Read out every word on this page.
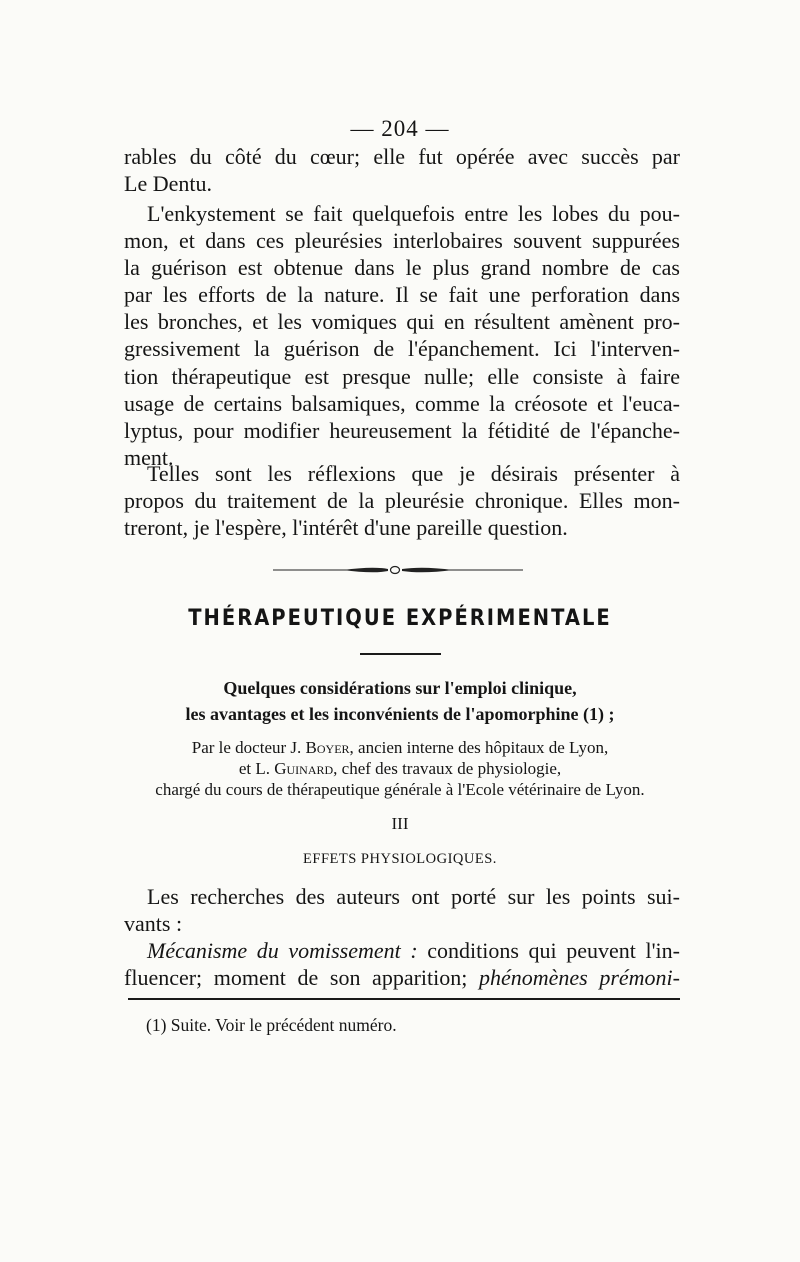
— 204 —
rables du côté du cœur; elle fut opérée avec succès par
Le Dentu.
L'enkystement se fait quelquefois entre les lobes du pou-
mon, et dans ces pleurésies interlobaires souvent suppurées
la guérison est obtenue dans le plus grand nombre de cas
par les efforts de la nature. Il se fait une perforation dans
les bronches, et les vomiques qui en résultent amènent pro-
gressivement la guérison de l'épanchement. Ici l'interven-
tion thérapeutique est presque nulle; elle consiste à faire
usage de certains balsamiques, comme la créosote et l'euca-
lyptus, pour modifier heureusement la fétidité de l'épanche-
ment.
Telles sont les réflexions que je désirais présenter à
propos du traitement de la pleurésie chronique. Elles mon-
treront, je l'espère, l'intérêt d'une pareille question.
THÉRAPEUTIQUE EXPÉRIMENTALE
Quelques considérations sur l'emploi clinique,
les avantages et les inconvénients de l'apomorphine (1) ;
Par le docteur J. Boyer, ancien interne des hôpitaux de Lyon,
et L. Guinard, chef des travaux de physiologie,
chargé du cours de thérapeutique générale à l'Ecole vétérinaire de Lyon.
III
EFFETS PHYSIOLOGIQUES.
Les recherches des auteurs ont porté sur les points sui-
vants :
Mécanisme du vomissement : conditions qui peuvent l'in-
fluencer; moment de son apparition; phénomènes prémoni-
(1) Suite. Voir le précédent numéro.
